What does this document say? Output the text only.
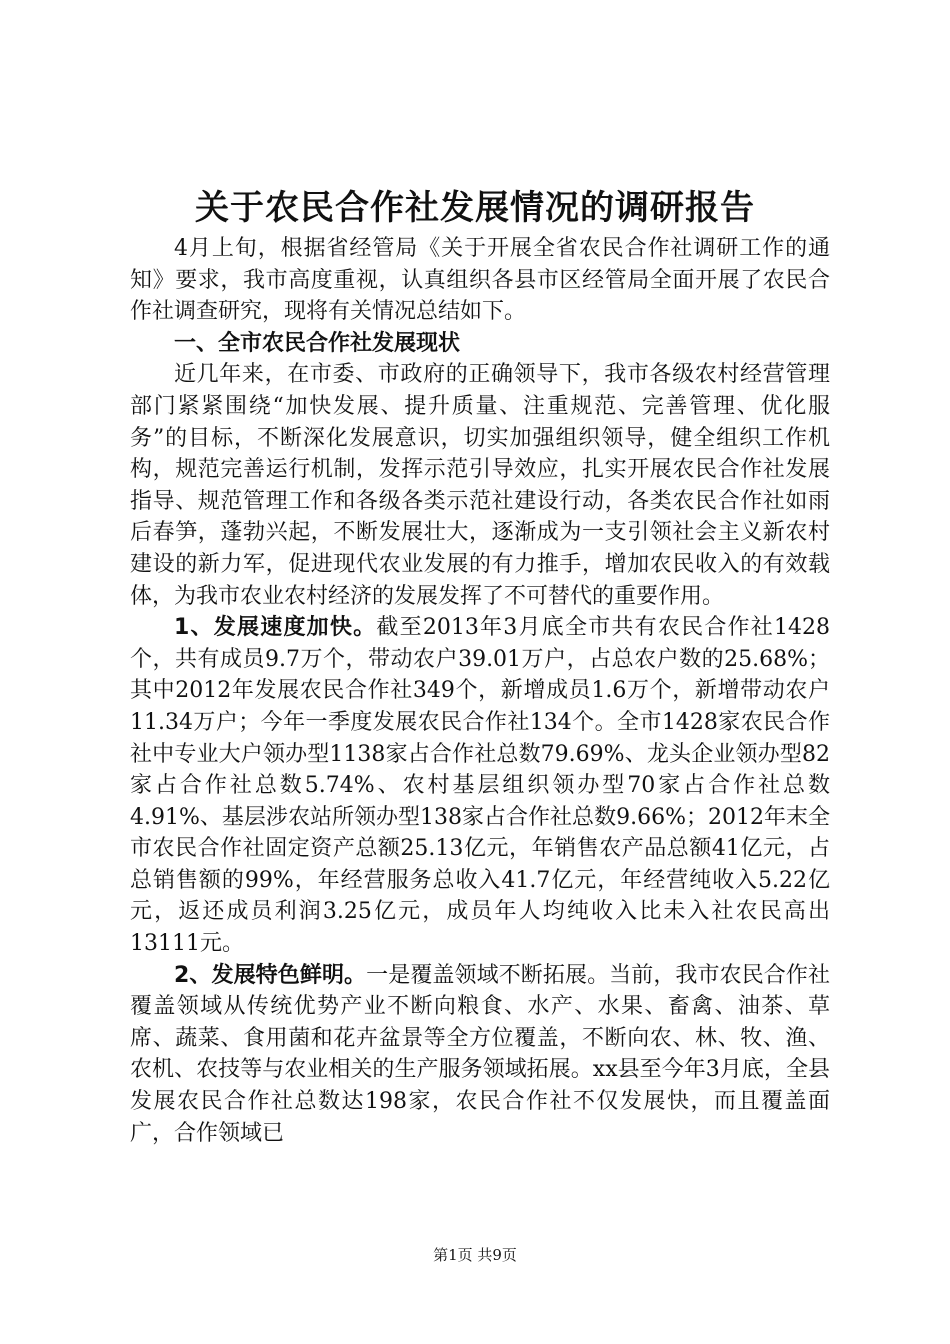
关于农民合作社发展情况的调研报告

4月上旬，根据省经管局《关于开展全省农民合作社调研工作的通知》要求，我市高度重视，认真组织各县市区经管局全面开展了农民合作社调查研究，现将有关情况总结如下。

一、全市农民合作社发展现状

近几年来，在市委、市政府的正确领导下，我市各级农村经营管理部门紧紧围绕“加快发展、提升质量、注重规范、完善管理、优化服务”的目标，不断深化发展意识，切实加强组织领导，健全组织工作机构，规范完善运行机制，发挥示范引导效应，扎实开展农民合作社发展指导、规范管理工作和各级各类示范社建设行动，各类农民合作社如雨后春笋，蓬勃兴起，不断发展壮大，逐渐成为一支引领社会主义新农村建设的新力军，促进现代农业发展的有力推手，增加农民收入的有效载体，为我市农业农村经济的发展发挥了不可替代的重要作用。

1、发展速度加快。截至2013年3月底全市共有农民合作社1428个，共有成员9.7万个，带动农户39.01万户，占总农户数的25.68%；其中2012年发展农民合作社349个，新增成员1.6万个，新增带动农户11.34万户；今年一季度发展农民合作社134个。全市1428家农民合作社中专业大户领办型1138家占合作社总数79.69%、龙头企业领办型82家占合作社总数5.74%、农村基层组织领办型70家占合作社总数4.91%、基层涉农站所领办型138家占合作社总数9.66%；2012年末全市农民合作社固定资产总额25.13亿元，年销售农产品总额41亿元，占总销售额的99%，年经营服务总收入41.7亿元，年经营纯收入5.22亿元，返还成员利润3.25亿元，成员年人均纯收入比未入社农民高出13111元。

2、发展特色鲜明。一是覆盖领域不断拓展。当前，我市农民合作社覆盖领域从传统优势产业不断向粮食、水产、水果、畜禽、油茶、草席、蔬菜、食用菌和花卉盆景等全方位覆盖，不断向农、林、牧、渔、农机、农技等与农业相关的生产服务领域拓展。xx县至今年3月底，全县发展农民合作社总数达198家，农民合作社不仅发展快，而且覆盖面广，合作领域已

第1页 共9页
